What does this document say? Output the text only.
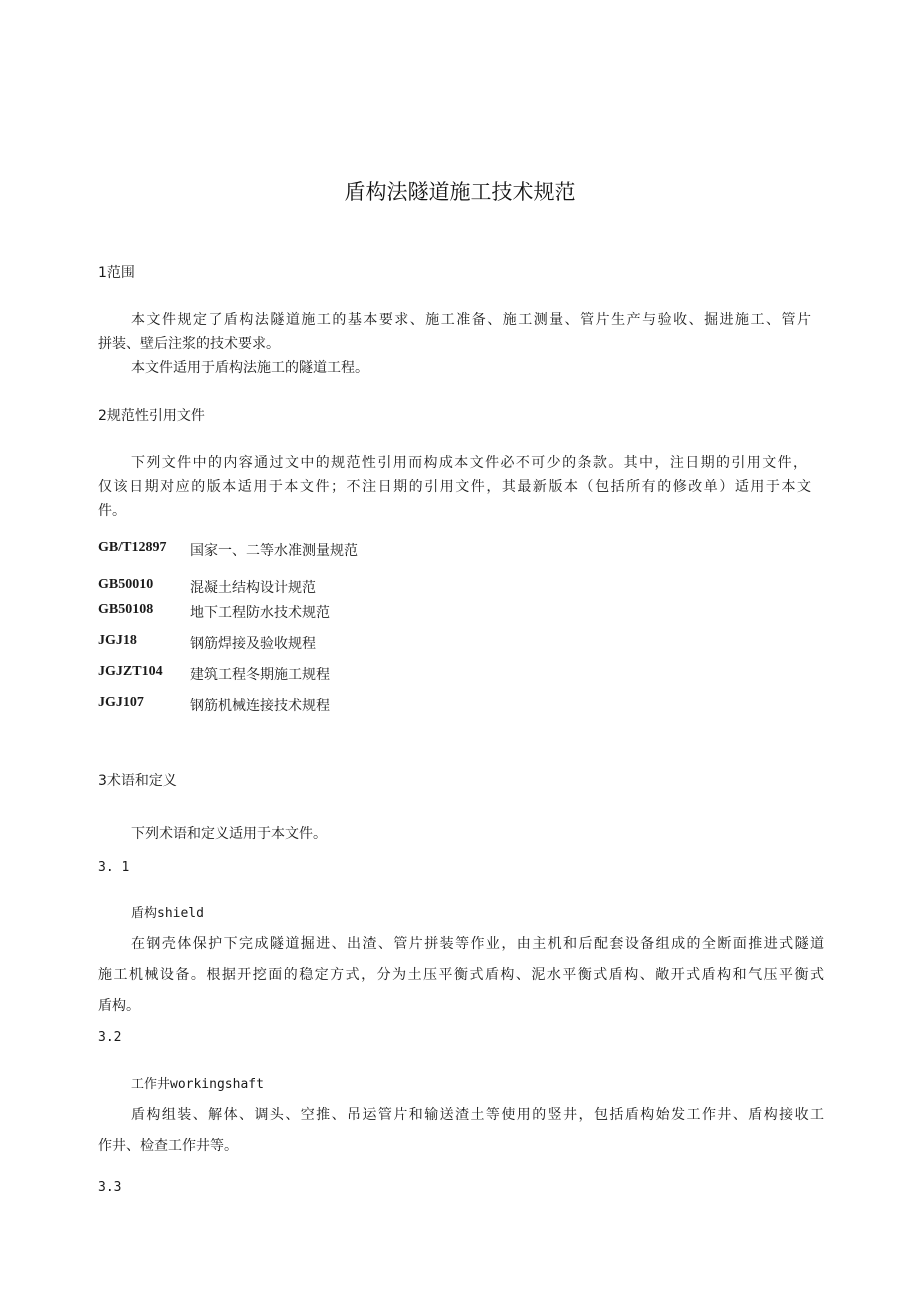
盾构法隧道施工技术规范
1范围
本文件规定了盾构法隧道施工的基本要求、施工准备、施工测量、管片生产与验收、掘进施工、管片
拼装、壁后注浆的技术要求。
本文件适用于盾构法施工的隧道工程。
2规范性引用文件
下列文件中的内容通过文中的规范性引用而构成本文件必不可少的条款。其中，注日期的引用文件，
仅该日期对应的版本适用于本文件；不注日期的引用文件，其最新版本（包括所有的修改单）适用于本文
件。
GB/T12897 国家一、二等水准测量规范
GB50010	混凝土结构设计规范
GB50108	地下工程防水技术规范
JGJ18	钢筋焊接及验收规程
JGJZT104 建筑工程冬期施工规程
JGJ107	钢筋机械连接技术规程
3术语和定义
下列术语和定义适用于本文件。
3. 1
盾构shield
在钢壳体保护下完成隧道掘进、出渣、管片拼装等作业，由主机和后配套设备组成的全断面推进式隧道
施工机械设备。根据开挖面的稳定方式，分为土压平衡式盾构、泥水平衡式盾构、敞开式盾构和气压平衡式
盾构。
3.2
工作井workingshaft
盾构组装、解体、调头、空推、吊运管片和输送渣土等使用的竖井，包括盾构始发工作井、盾构接收工
作井、检查工作井等。
3.3
